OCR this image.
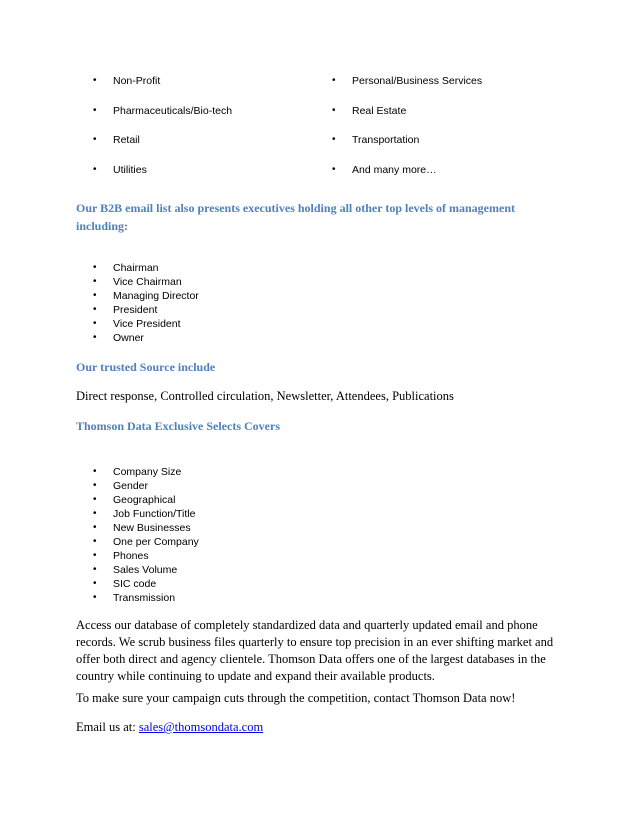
• Non-Profit
• Pharmaceuticals/Bio-tech
• Retail
• Utilities
• Personal/Business Services
• Real Estate
• Transportation
• And many more…
Our B2B email list also presents executives holding all other top levels of management including:
• Chairman
• Vice Chairman
• Managing Director
• President
• Vice President
• Owner
Our trusted Source include
Direct response, Controlled circulation, Newsletter, Attendees, Publications
Thomson Data Exclusive Selects Covers
• Company Size
• Gender
• Geographical
• Job Function/Title
• New Businesses
• One per Company
• Phones
• Sales Volume
• SIC code
• Transmission
Access our database of completely standardized data and quarterly updated email and phone records. We scrub business files quarterly to ensure top precision in an ever shifting market and offer both direct and agency clientele. Thomson Data offers one of the largest databases in the country while continuing to update and expand their available products.
To make sure your campaign cuts through the competition, contact Thomson Data now!
Email us at: sales@thomsondata.com
